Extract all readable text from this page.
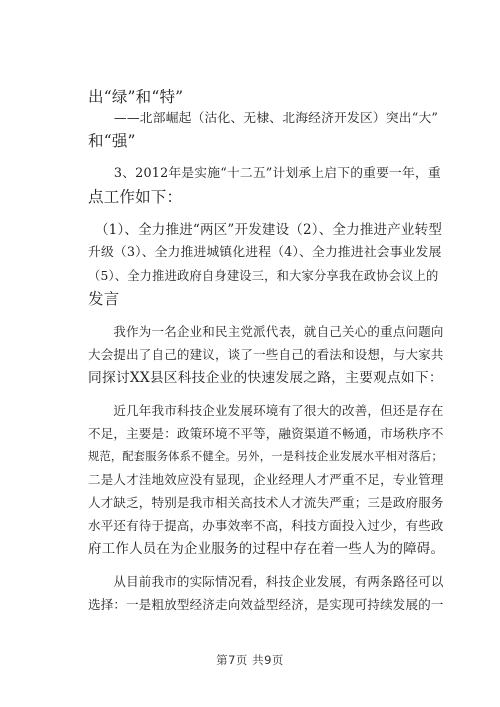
出“绿”和“特”
　　——北部崛起（沽化、无棣、北海经济开发区）突出“大”
和“强”
　　3、2012年是实施“十二五”计划承上启下的重要一年，重
点工作如下：
　（1）、全力推进“两区”开发建设（2）、全力推进产业转型
升级（3）、全力推进城镇化进程（4）、全力推进社会事业发展
（5）、全力推进政府自身建设三，和大家分享我在政协会议上的
发言
　　我作为一名企业和民主党派代表，就自己关心的重点问题向
大会提出了自己的建议，谈了一些自己的看法和设想，与大家共
同探讨XX县区科技企业的快速发展之路，主要观点如下：
　　近几年我市科技企业发展环境有了很大的改善，但还是存在
不足，主要是：政策环境不平等，融资渠道不畅通，市场秩序不
规范，配套服务体系不健全。另外，一是科技企业发展水平相对落后；
二是人才洼地效应没有显现，企业经理人才严重不足，专业管理
人才缺乏，特别是我市相关高技术人才流失严重；三是政府服务
水平还有待于提高，办事效率不高，科技方面投入过少，有些政
府工作人员在为企业服务的过程中存在着一些人为的障碍。
　　从目前我市的实际情况看，科技企业发展，有两条路径可以
选择：一是粗放型经济走向效益型经济，是实现可持续发展的一
第7页 共9页
